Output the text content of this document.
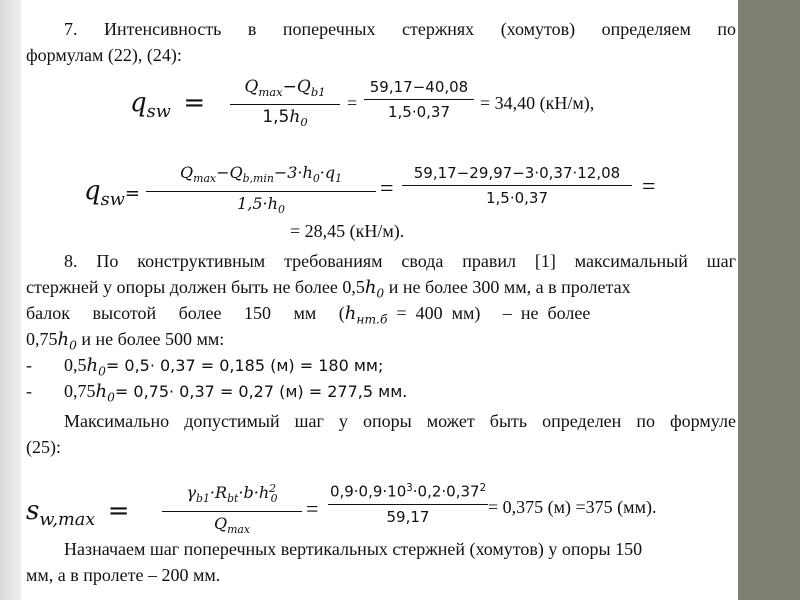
7. Интенсивность в поперечных стержнях (хомутов) определяем по
формулам (22), (24):
$q_{sw}$ =
$Q_{max}-Q_{b1}$
$1,5h_0$
=
59,17−40,08
1,5·0,37	= 34,40 (кН/м),
$q_{sw}=$
$Q_{max}-Q_{b,min}-3\cdot h_0\cdot q_1$
$1,5\cdot h_0$
=
59,17−29,97−3·0,37·12,08
1,5·0,37	=
= 28,45 (кН/м).
8. По конструктивным требованиям свода правил [1] максимальный шаг
стержней у опоры должен быть не более $0,5h_0$ и не более 300 мм, а в пролетах
балок     высотой     более     150     мм     ($h_{нт.б} = 400$  мм)     –  не  более
$0,75h_0$ и не более 500 мм:
- $0,5h_0= 0,5\cdot 0,37 = 0,185$ (м) = 180 мм;
- $0,75h_0= 0,75\cdot 0,37 = 0,27$ (м) = 277,5 мм.
Максимально допустимый шаг у опоры может быть определен по формуле
(25):
$s_{w,max}$ =
$\gamma_{b1}\cdot R_{bt}\cdot b\cdot h^2_0$
$Q_{max}$
=
$0,9\cdot 0,9\cdot 10^3\cdot 0,2\cdot 0,37^2$
59,17	= 0,375 (м) =375 (мм).
Назначаем шаг поперечных вертикальных стержней (хомутов) у опоры 150
мм, а в пролете – 200 мм.
